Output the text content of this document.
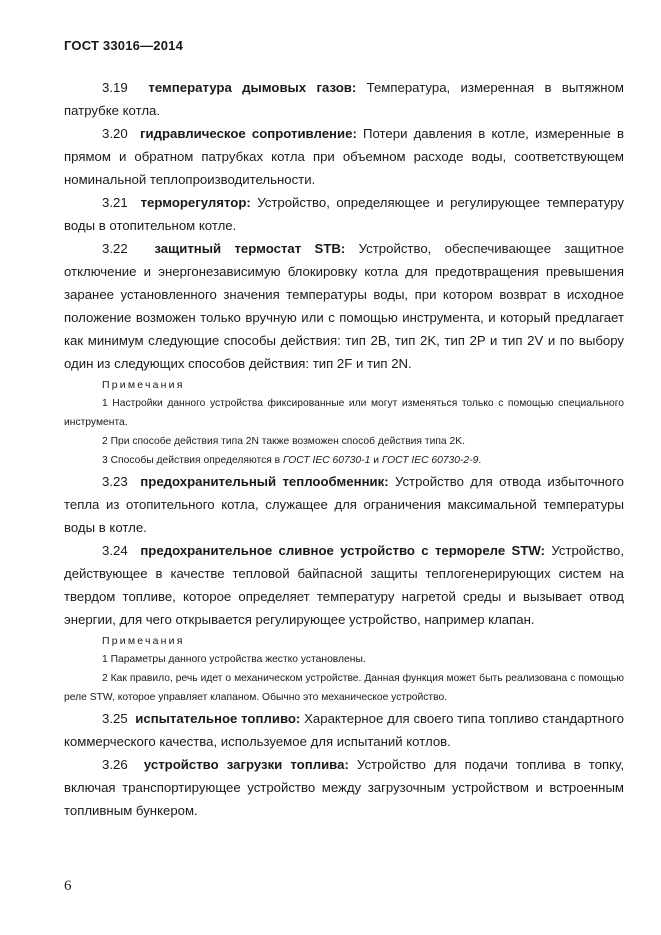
ГОСТ 33016—2014

3.19 температура дымовых газов: Температура, измеренная в вытяжном патрубке котла.

3.20 гидравлическое сопротивление: Потери давления в котле, измеренные в прямом и обратном патрубках котла при объемном расходе воды, соответствующем номинальной теплопроизводительности.

3.21 терморегулятор: Устройство, определяющее и регулирующее температуру воды в отопительном котле.

3.22 защитный термостат STB: Устройство, обеспечивающее защитное отключение и энергонезависимую блокировку котла для предотвращения превышения заранее установленного значения температуры воды, при котором возврат в исходное положение возможен только вручную или с помощью инструмента, и который предлагает как минимум следующие способы действия: тип 2B, тип 2K, тип 2P и тип 2V и по выбору один из следующих способов действия: тип 2F и тип 2N.

Примечания

1 Настройки данного устройства фиксированные или могут изменяться только с помощью специального инструмента.

2 При способе действия типа 2N также возможен способ действия типа 2K.

3 Способы действия определяются в ГОСТ IEC 60730-1 и ГОСТ IEC 60730-2-9.

3.23 предохранительный теплообменник: Устройство для отвода избыточного тепла из отопительного котла, служащее для ограничения максимальной температуры воды в котле.

3.24 предохранительное сливное устройство с термореле STW: Устройство, действующее в качестве тепловой байпасной защиты теплогенерирующих систем на твердом топливе, которое определяет температуру нагретой среды и вызывает отвод энергии, для чего открывается регулирующее устройство, например клапан.

Примечания

1 Параметры данного устройства жестко установлены.

2 Как правило, речь идет о механическом устройстве. Данная функция может быть реализована с помощью реле STW, которое управляет клапаном. Обычно это механическое устройство.

3.25 испытательное топливо: Характерное для своего типа топливо стандартного коммерческого качества, используемое для испытаний котлов.

3.26 устройство загрузки топлива: Устройство для подачи топлива в топку, включая транспортирующее устройство между загрузочным устройством и встроенным топливным бункером.

6
